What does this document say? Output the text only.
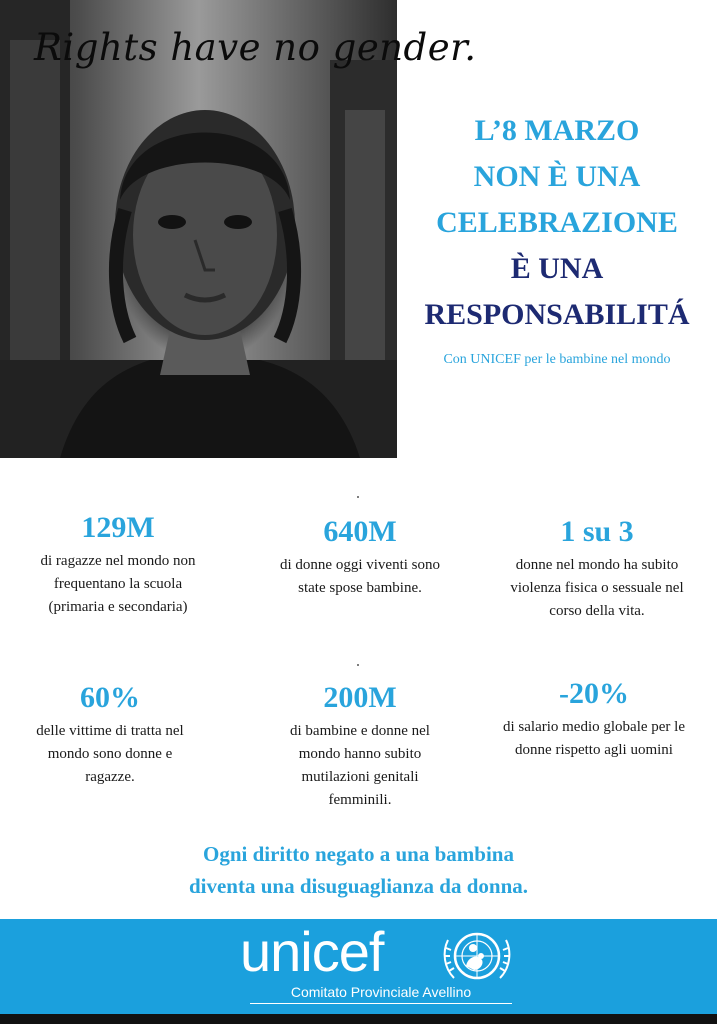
Rights have no gender.
L’8 MARZO
NON È UNA
CELEBRAZIONE
È UNA
RESPONSABILITÁ
Con UNICEF per le bambine nel mondo
129M
di ragazze nel mondo non
frequentano la scuola
(primaria e secondaria)
640M
di donne oggi viventi sono
state spose bambine.
1 su 3
donne nel mondo ha subito
violenza fisica o sessuale nel
corso della vita.
60%
delle vittime di tratta nel
mondo sono donne e
ragazze.
200M
di bambine e donne nel
mondo hanno subito
mutilazioni genitali
femminili.
-20%
di salario medio globale per le
donne rispetto agli uomini
Ogni diritto negato a una bambina
diventa una disuguaglianza da donna.
unicef
Comitato Provinciale Avellino
